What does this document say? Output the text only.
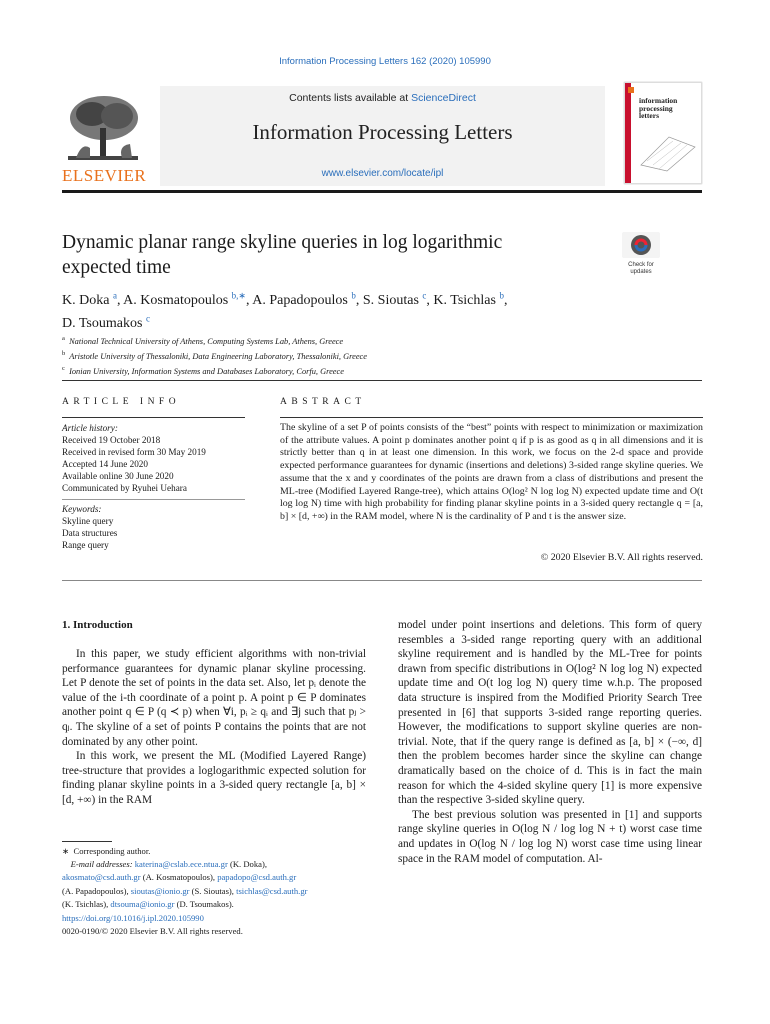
Information Processing Letters 162 (2020) 105990
ELSEVIER
Contents lists available at ScienceDirect
Information Processing Letters
www.elsevier.com/locate/ipl
information
processing
letters
Dynamic planar range skyline queries in log logarithmic
expected time	Check for
updates
K. Doka $^a$, A. Kosmatopoulos $^{b,∗}$, A. Papadopoulos $^b$, S. Sioutas $^c$, K. Tsichlas $^b$,
D. Tsoumakos $^c$
$^a$ National Technical University of Athens, Computing Systems Lab, Athens, Greece
$^b$ Aristotle University of Thessaloniki, Data Engineering Laboratory, Thessaloniki, Greece
$^c$ Ionian University, Information Systems and Databases Laboratory, Corfu, Greece
ARTICLE INFO
Article history:
Received 19 October 2018
Received in revised form 30 May 2019
Accepted 14 June 2020
Available online 30 June 2020
Communicated by Ryuhei Uehara
Keywords:
Skyline query
Data structures
Range query
ABSTRACT
The skyline of a set P of points consists of the “best” points with respect to minimization or maximization of the attribute values. A point p dominates another point q if p is as good as q in all dimensions and it is strictly better than q in at least one dimension. In this work, we focus on the 2-d space and provide expected performance guarantees for dynamic (insertions and deletions) 3-sided range skyline queries. We assume that the x and y coordinates of the points are drawn from a class of distributions and present the ML-tree (Modified Layered Range-tree), which attains O(log² N log log N) expected update time and O(t log log N) time with high probability for finding planar skyline points in a 3-sided query rectangle q = [a, b] × [d, +∞) in the RAM model, where N is the cardinality of P and t is the answer size.
© 2020 Elsevier B.V. All rights reserved.
1. Introduction

In this paper, we study efficient algorithms with non-trivial performance guarantees for dynamic planar skyline processing. Let P denote the set of points in the data set. Also, let pᵢ denote the value of the i-th coordinate of a point p. A point p ∈ P dominates another point q ∈ P (q ≺ p) when ∀i, pᵢ ≥ qᵢ and ∃j such that pⱼ > qⱼ. The skyline of a set of points P contains the points that are not dominated by any other point.

In this work, we present the ML (Modified Layered Range) tree-structure that provides a loglogarithmic expected solution for finding planar skyline points in a 3-sided query rectangle [a, b] × [d, +∞) in the RAM

model under point insertions and deletions. This form of query resembles a 3-sided range reporting query with an additional skyline requirement and is handled by the ML-Tree for points drawn from specific distributions in O(log² N log log N) expected update time and O(t log log N) query time w.h.p. The proposed data structure is inspired from the Modified Priority Search Tree presented in [6] that supports 3-sided range reporting queries. However, the modifications to support skyline queries are non-trivial. Note, that if the query range is defined as [a, b] × (−∞, d] then the problem becomes harder since the skyline can change dramatically based on the choice of d. This is in fact the main reason for which the 4-sided skyline query [1] is more expensive than the respective 3-sided skyline query.

The best previous solution was presented in [1] and supports range skyline queries in O(log N / log log N + t) worst case time and updates in O(log N / log log N) worst case time using linear space in the RAM model of computation. Al-

∗ Corresponding author.
E-mail addresses: katerina@cslab.ece.ntua.gr (K. Doka),
akosmato@csd.auth.gr (A. Kosmatopoulos), papadopo@csd.auth.gr
(A. Papadopoulos), sioutas@ionio.gr (S. Sioutas), tsichlas@csd.auth.gr
(K. Tsichlas), dtsouma@ionio.gr (D. Tsoumakos).
https://doi.org/10.1016/j.ipl.2020.105990
0020-0190/© 2020 Elsevier B.V. All rights reserved.
